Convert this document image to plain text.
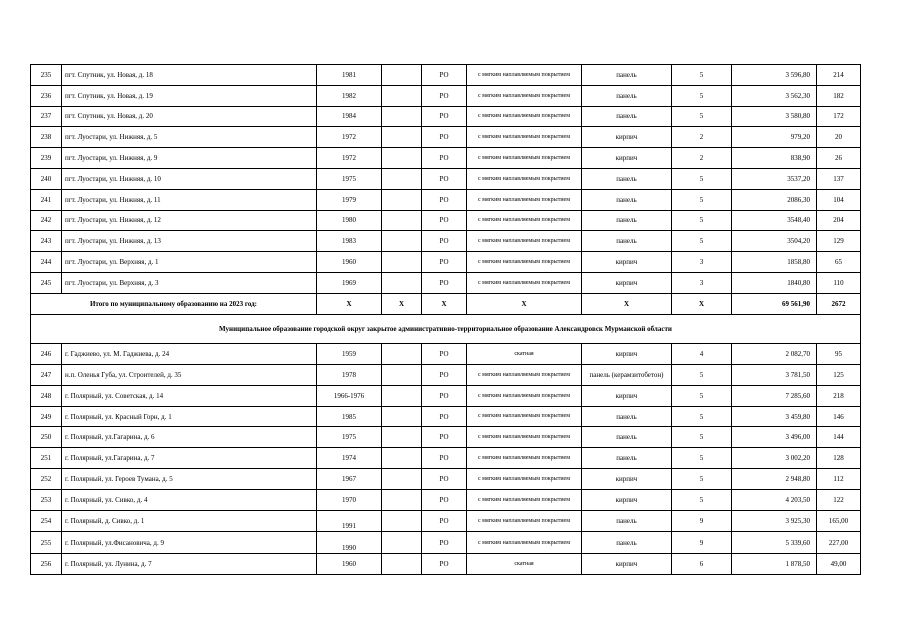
235	пгт. Спутник, ул. Новая, д. 18	1981		РО	с мягким наплавляемым покрытием	панель	5	3 596,80	214
236	пгт. Спутник, ул. Новая, д. 19	1982		РО	с мягким наплавляемым покрытием	панель	5	3 562,30	182
237	пгт. Спутник, ул. Новая, д. 20	1984		РО	с мягким наплавляемым покрытием	панель	5	3 580,80	172
238	пгт. Луостари, ул. Нижняя, д. 5	1972		РО	с мягким наплавляемым покрытием	кирпич	2	979,20	20
239	пгт. Луостари, ул. Нижняя, д. 9	1972		РО	с мягким наплавляемым покрытием	кирпич	2	838,90	26
240	пгт. Луостари, ул. Нижняя, д. 10	1975		РО	с мягким наплавляемым покрытием	панель	5	3537,20	137
241	пгт. Луостари, ул. Нижняя, д. 11	1979		РО	с мягким наплавляемым покрытием	панель	5	2086,30	104
242	пгт. Луостари, ул. Нижняя, д. 12	1980		РО	с мягким наплавляемым покрытием	панель	5	3548,40	204
243	пгт. Луостари, ул. Нижняя, д. 13	1983		РО	с мягким наплавляемым покрытием	панель	5	3504,20	129
244	пгт. Луостари, ул. Верхняя, д. 1	1960		РО	с мягким наплавляемым покрытием	кирпич	3	1858,80	65
245	пгт. Луостари, ул. Верхняя, д. 3	1969		РО	с мягким наплавляемым покрытием	кирпич	3	1840,80	110
Итого по муниципальному образованию на 2023 год:		X	X	X	X	X	X	69 561,90	2672
Муниципальное образование городской округ закрытое административно-территориальное образование Александровск Мурманской области									
246	г. Гаджиево, ул. М. Гаджиева, д. 24	1959		РО	скатная	кирпич	4	2 082,70	95
247	н.п. Оленья Губа, ул. Строителей, д. 35	1978		РО	с мягким наплавляемым покрытием	панель (керамзитобетон)	5	3 781,50	125
248	г. Полярный, ул. Советская, д. 14	1966-1976		РО	с мягким наплавляемым покрытием	кирпич	5	7 285,60	218
249	г. Полярный, ул. Красный Горн, д. 1	1985		РО	с мягким наплавляемым покрытием	панель	5	3 459,80	146
250	г. Полярный, ул.Гагарина, д. 6	1975		РО	с мягким наплавляемым покрытием	панель	5	3 496,00	144
251	г. Полярный, ул.Гагарина, д. 7	1974		РО	с мягким наплавляемым покрытием	панель	5	3 002,20	128
252	г. Полярный, ул. Героев Тумана, д. 5	1967		РО	с мягким наплавляемым покрытием	кирпич	5	2 948,80	112
253	г. Полярный, ул. Сивко, д. 4	1970		РО	с мягким наплавляемым покрытием	кирпич	5	4 203,50	122
254	г. Полярный, д. Сивко, д. 1	1991		РО	с мягким наплавляемым покрытием	панель	9	3 925,30	165,00
255	г. Полярный, ул.Фисановича, д. 9	1990		РО	с мягким наплавляемым покрытием	панель	9	5 339,60	227,00
256	г. Полярный, ул. Лунина, д. 7	1960		РО	скатная	кирпич	6	1 878,50	49,00
